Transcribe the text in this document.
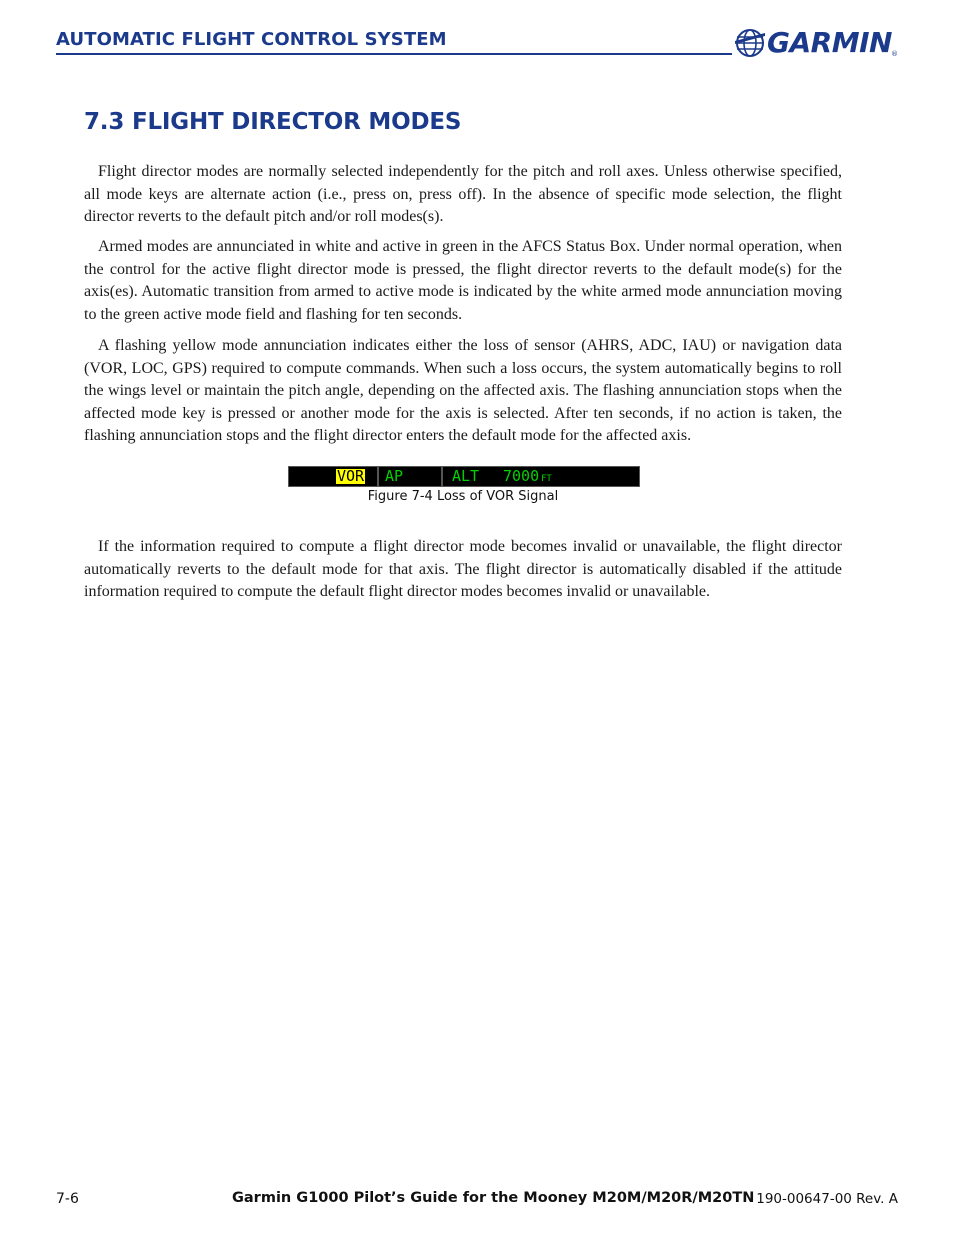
AUTOMATIC FLIGHT CONTROL SYSTEM	GARMIN ®
7.3 FLIGHT DIRECTOR MODES

Flight director modes are normally selected independently for the pitch and roll axes. Unless otherwise specified, all mode keys are alternate action (i.e., press on, press off). In the absence of specific mode selection, the flight director reverts to the default pitch and/or roll modes(s).

Armed modes are annunciated in white and active in green in the AFCS Status Box. Under normal operation, when the control for the active flight director mode is pressed, the flight director reverts to the default mode(s) for the axis(es). Automatic transition from armed to active mode is indicated by the white armed mode annunciation moving to the green active mode field and flashing for ten seconds.

A flashing yellow mode annunciation indicates either the loss of sensor (AHRS, ADC, IAU) or navigation data (VOR, LOC, GPS) required to compute commands. When such a loss occurs, the system automatically begins to roll the wings level or maintain the pitch angle, depending on the affected axis. The flashing annunciation stops when the affected mode key is pressed or another mode for the axis is selected. After ten seconds, if no action is taken, the flashing annunciation stops and the flight director enters the default mode for the affected axis.

VOR AP	ALT 7000 FT
Figure 7-4 Loss of VOR Signal

If the information required to compute a flight director mode becomes invalid or unavailable, the flight director automatically reverts to the default mode for that axis. The flight director is automatically disabled if the attitude information required to compute the default flight director modes becomes invalid or unavailable.

7-6	Garmin G1000 Pilot’s Guide for the Mooney M20M/M20R/M20TN 190-00647-00 Rev. A
